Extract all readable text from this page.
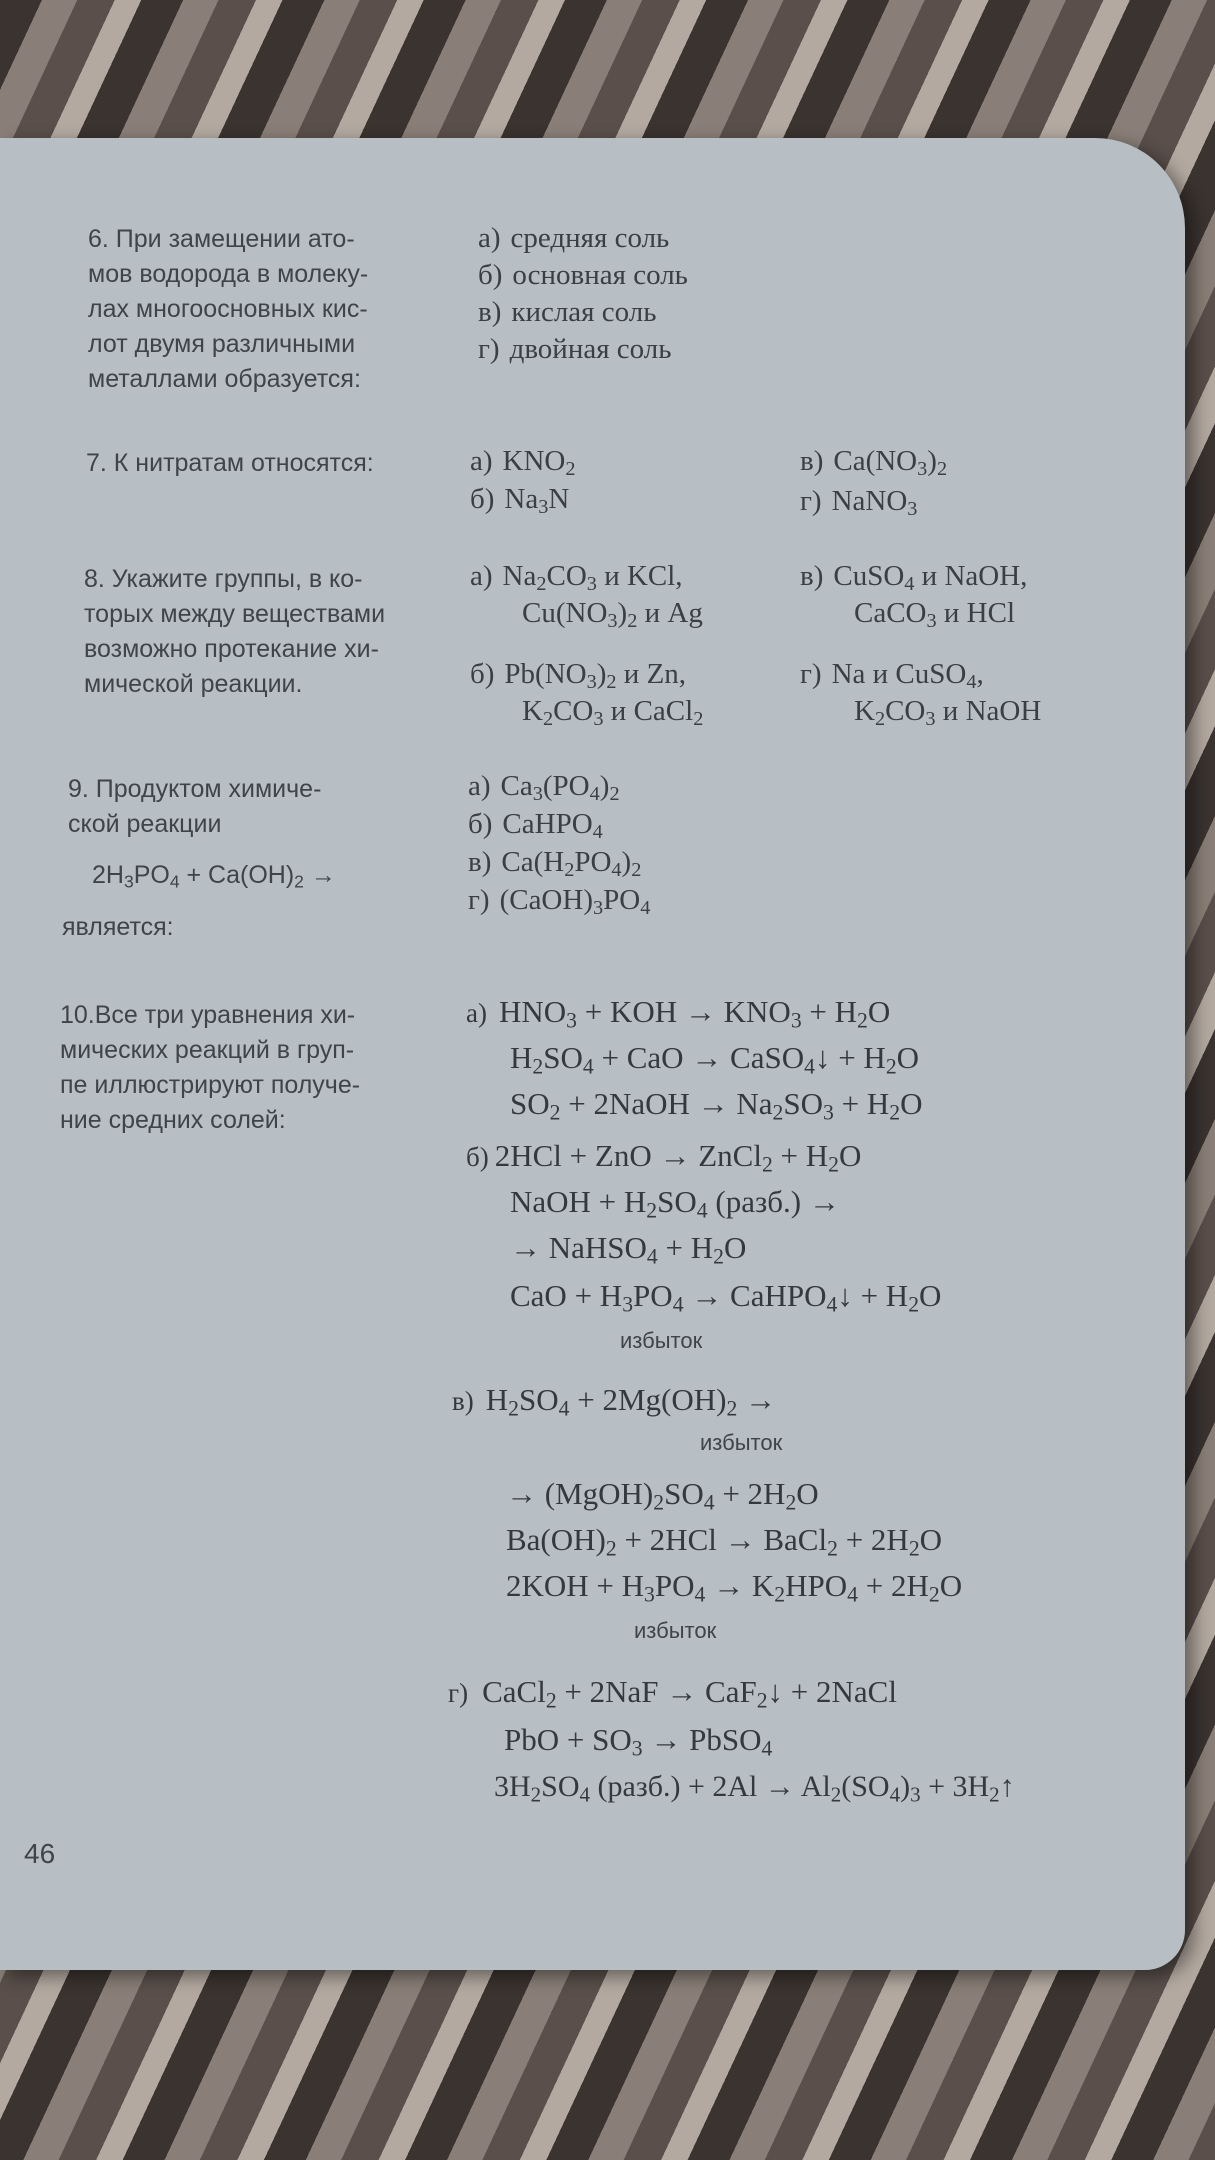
6. При замещении ато-
мов водорода в молеку-
лах многоосновных кис-
лот двумя различными
металлами образуется:
а) средняя соль
б) основная соль
в) кислая соль
г) двойная соль
7. К нитратам относятся:	а) $KNO_2$
б) $Na_3N$
в) $Ca(NO_3)_2$
г) NaNO$_3$
8. Укажите группы, в ко-
торых между веществами
возможно протекание хи-
мической реакции.
а) $Na_2CO_3$ и KCl,
$Cu(NO_3)_2$ и Ag
б) $Pb(NO_3)_2$ и Zn,
$K_2CO_3$ и CaCl$_2$
в) CuSO$_4$ и NaOH,
CaCO$_3$ и HCl
г) Na и CuSO$_4$,
$K_2CO_3$ и NaOH
9. Продуктом химиче-
ской реакции
$2H_3PO_4 + Ca(OH)_2$ →
является:
а) $Ca_3(PO_4)_2$
б) CaHPO$_4$
в) $Ca(H_2PO_4)_2$
г) $(CaOH)_3PO_4$
10.Все три уравнения хи-
мических реакций в груп-
пе иллюстрируют получе-
ние средних солей:
а) $HNO_3$ + KOH → $KNO_3 + H_2O$
$H_2SO_4$ + CaO → CaSO$_4$↓ + $H_2O$
$SO_2$ + 2NaOH → $Na_2SO_3 + H_2O$
б) 2HCl + ZnO → ZnCl$_2$ + $H_2O$
NaOH + $H_2SO_4$ (разб.) →
→ NaHSO$_4$ + $H_2O$
CaO + $H_3PO_4$ → CaHPO$_4$↓ + $H_2O$
избыток
в) $H_2SO_4 + 2Mg(OH)_2$ →
избыток
→ $(MgOH)_2SO_4 + 2H_2O$
$Ba(OH)_2 + 2HCl$ → BaCl$_2$ + $2H_2O$
$2KOH + H_3PO_4 \to K_2HPO_4 + 2H_2O$
избыток
г) CaCl$_2$ + 2NaF → CaF$_2$↓ + 2NaCl
PbO + $SO_3$ → PbSO$_4$
$3H_2SO_4$ (разб.) + $2Al \to Al_2(SO_4)_3$ + $3H_2↑$
46
